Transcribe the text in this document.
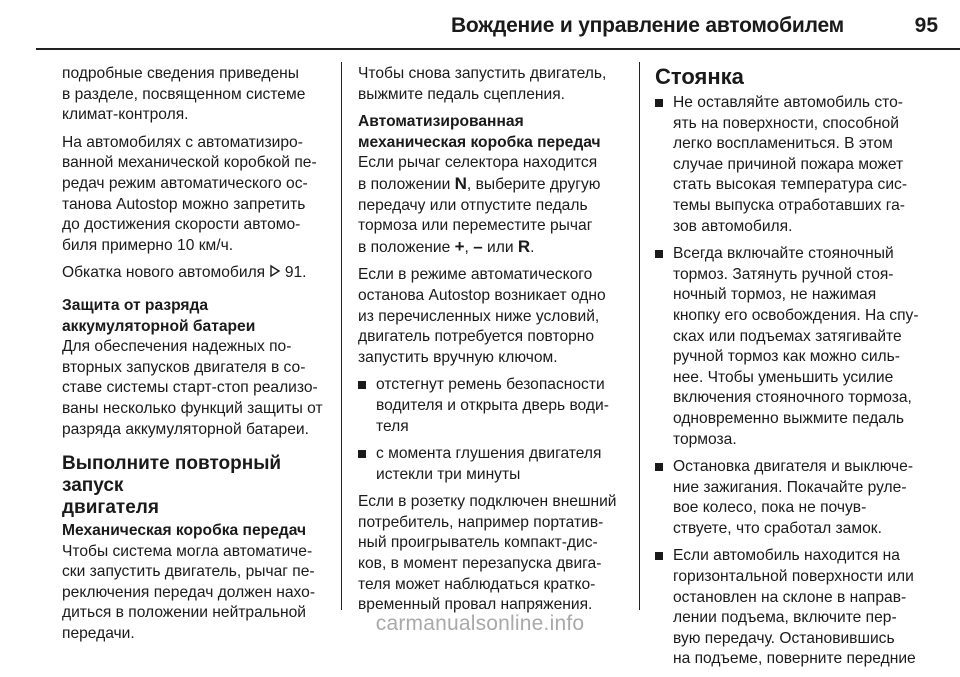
Вождение и управление автомобилем	95

подробные сведения приведены
в разделе, посвященном системе
климат-контроля.

На автомобилях с автоматизиро-
ванной механической коробкой пе-
редач режим автоматического ос-
танова Autostop можно запретить
до достижения скорости автомо-
биля примерно 10 км/ч.

Обкатка нового автомобиля 91.

Защита от разряда
аккумуляторной батареи

Для обеспечения надежных по-
вторных запусков двигателя в со-
ставе системы старт-стоп реализо-
ваны несколько функций защиты от
разряда аккумуляторной батареи.

Выполните повторный запуск
двигателя

Механическая коробка передач

Чтобы система могла автоматиче-
ски запустить двигатель, рычаг пе-
реключения передач должен нахо-
диться в положении нейтральной
передачи.

Чтобы снова запустить двигатель,
выжмите педаль сцепления.

Автоматизированная
механическая коробка передач

Если рычаг селектора находится
в положении N, выберите другую
передачу или отпустите педаль
тормоза или переместите рычаг
в положение +, – или R.

Если в режиме автоматического
останова Autostop возникает одно
из перечисленных ниже условий,
двигатель потребуется повторно
запустить вручную ключом.

отстегнут ремень безопасности
водителя и открыта дверь води-
теля
с момента глушения двигателя
истекли три минуты

Если в розетку подключен внешний
потребитель, например портатив-
ный проигрыватель компакт-дис-
ков, в момент перезапуска двига-
теля может наблюдаться кратко-
временный провал напряжения.

Стоянка

Не оставляйте автомобиль сто-
ять на поверхности, способной
легко воспламениться. В этом
случае причиной пожара может
стать высокая температура сис-
темы выпуска отработавших га-
зов автомобиля.
Всегда включайте стояночный
тормоз. Затянуть ручной стоя-
ночный тормоз, не нажимая
кнопку его освобождения. На спу-
сках или подъемах затягивайте
ручной тормоз как можно силь-
нее. Чтобы уменьшить усилие
включения стояночного тормоза,
одновременно выжмите педаль
тормоза.
Остановка двигателя и выключе-
ние зажигания. Покачайте руле-
вое колесо, пока не почув-
ствуете, что сработал замок.
Если автомобиль находится на
горизонтальной поверхности или
остановлен на склоне в направ-
лении подъема, включите пер-
вую передачу. Остановившись
на подъеме, поверните передние
carmanualsonline.info
